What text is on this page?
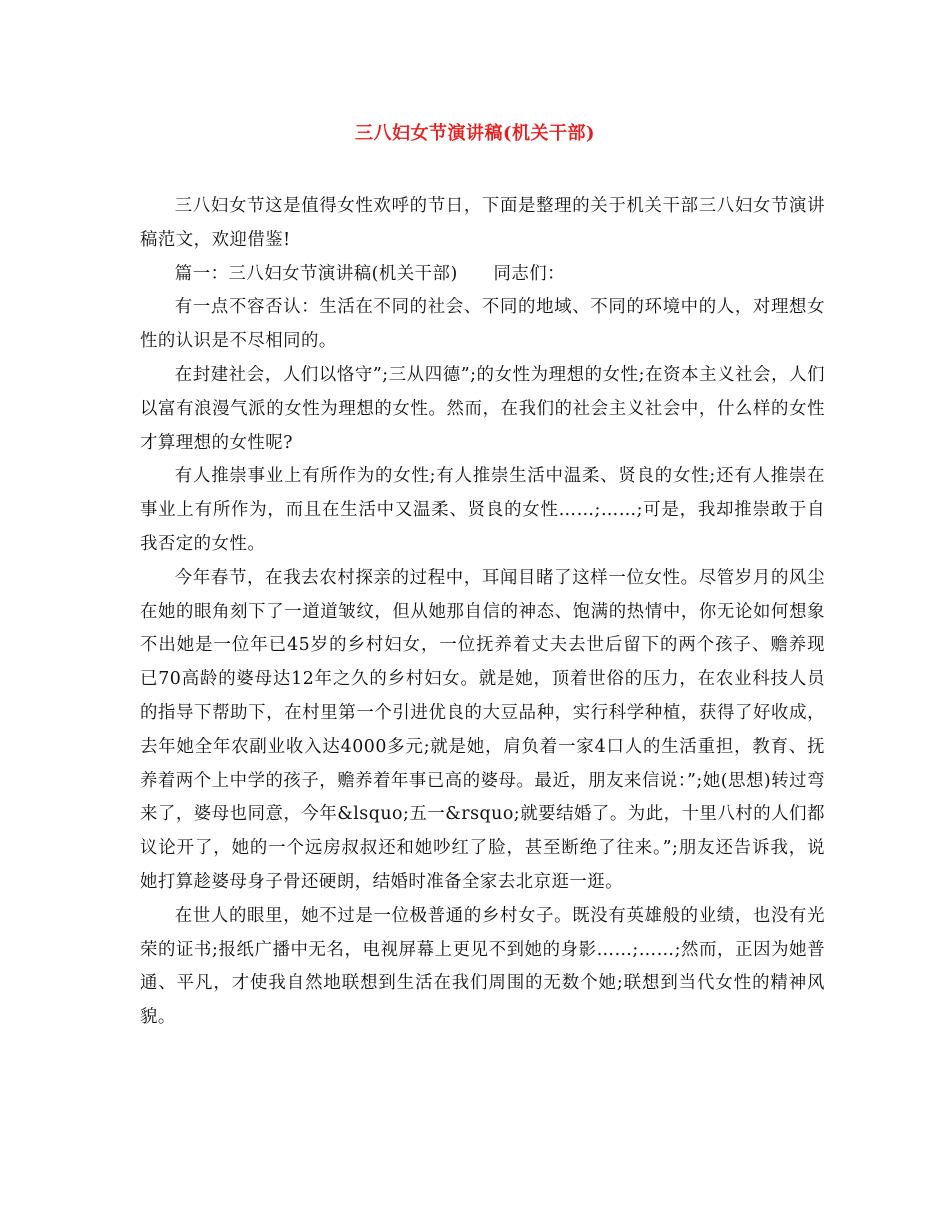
三八妇女节演讲稿(机关干部)

三八妇女节这是值得女性欢呼的节日，下面是整理的关于机关干部三八妇女节演讲稿范文，欢迎借鉴!

篇一：三八妇女节演讲稿(机关干部)　　同志们：

有一点不容否认：生活在不同的社会、不同的地域、不同的环境中的人，对理想女性的认识是不尽相同的。

在封建社会，人们以恪守”;三从四德”;的女性为理想的女性;在资本主义社会，人们以富有浪漫气派的女性为理想的女性。然而，在我们的社会主义社会中，什么样的女性才算理想的女性呢?

有人推崇事业上有所作为的女性;有人推崇生活中温柔、贤良的女性;还有人推崇在事业上有所作为，而且在生活中又温柔、贤良的女性……;……;可是，我却推崇敢于自我否定的女性。

今年春节，在我去农村探亲的过程中，耳闻目睹了这样一位女性。尽管岁月的风尘在她的眼角刻下了一道道皱纹，但从她那自信的神态、饱满的热情中，你无论如何想象不出她是一位年已45岁的乡村妇女，一位抚养着丈夫去世后留下的两个孩子、赡养现已70高龄的婆母达12年之久的乡村妇女。就是她，顶着世俗的压力，在农业科技人员的指导下帮助下，在村里第一个引进优良的大豆品种，实行科学种植，获得了好收成，去年她全年农副业收入达4000多元;就是她，肩负着一家4口人的生活重担，教育、抚养着两个上中学的孩子，赡养着年事已高的婆母。最近，朋友来信说：”;她(思想)转过弯来了，婆母也同意，今年&lsquo;五一&rsquo;就要结婚了。为此，十里八村的人们都议论开了，她的一个远房叔叔还和她吵红了脸，甚至断绝了往来。”;朋友还告诉我，说她打算趁婆母身子骨还硬朗，结婚时准备全家去北京逛一逛。

在世人的眼里，她不过是一位极普通的乡村女子。既没有英雄般的业绩，也没有光荣的证书;报纸广播中无名，电视屏幕上更见不到她的身影……;……;然而，正因为她普通、平凡，才使我自然地联想到生活在我们周围的无数个她;联想到当代女性的精神风貌。
